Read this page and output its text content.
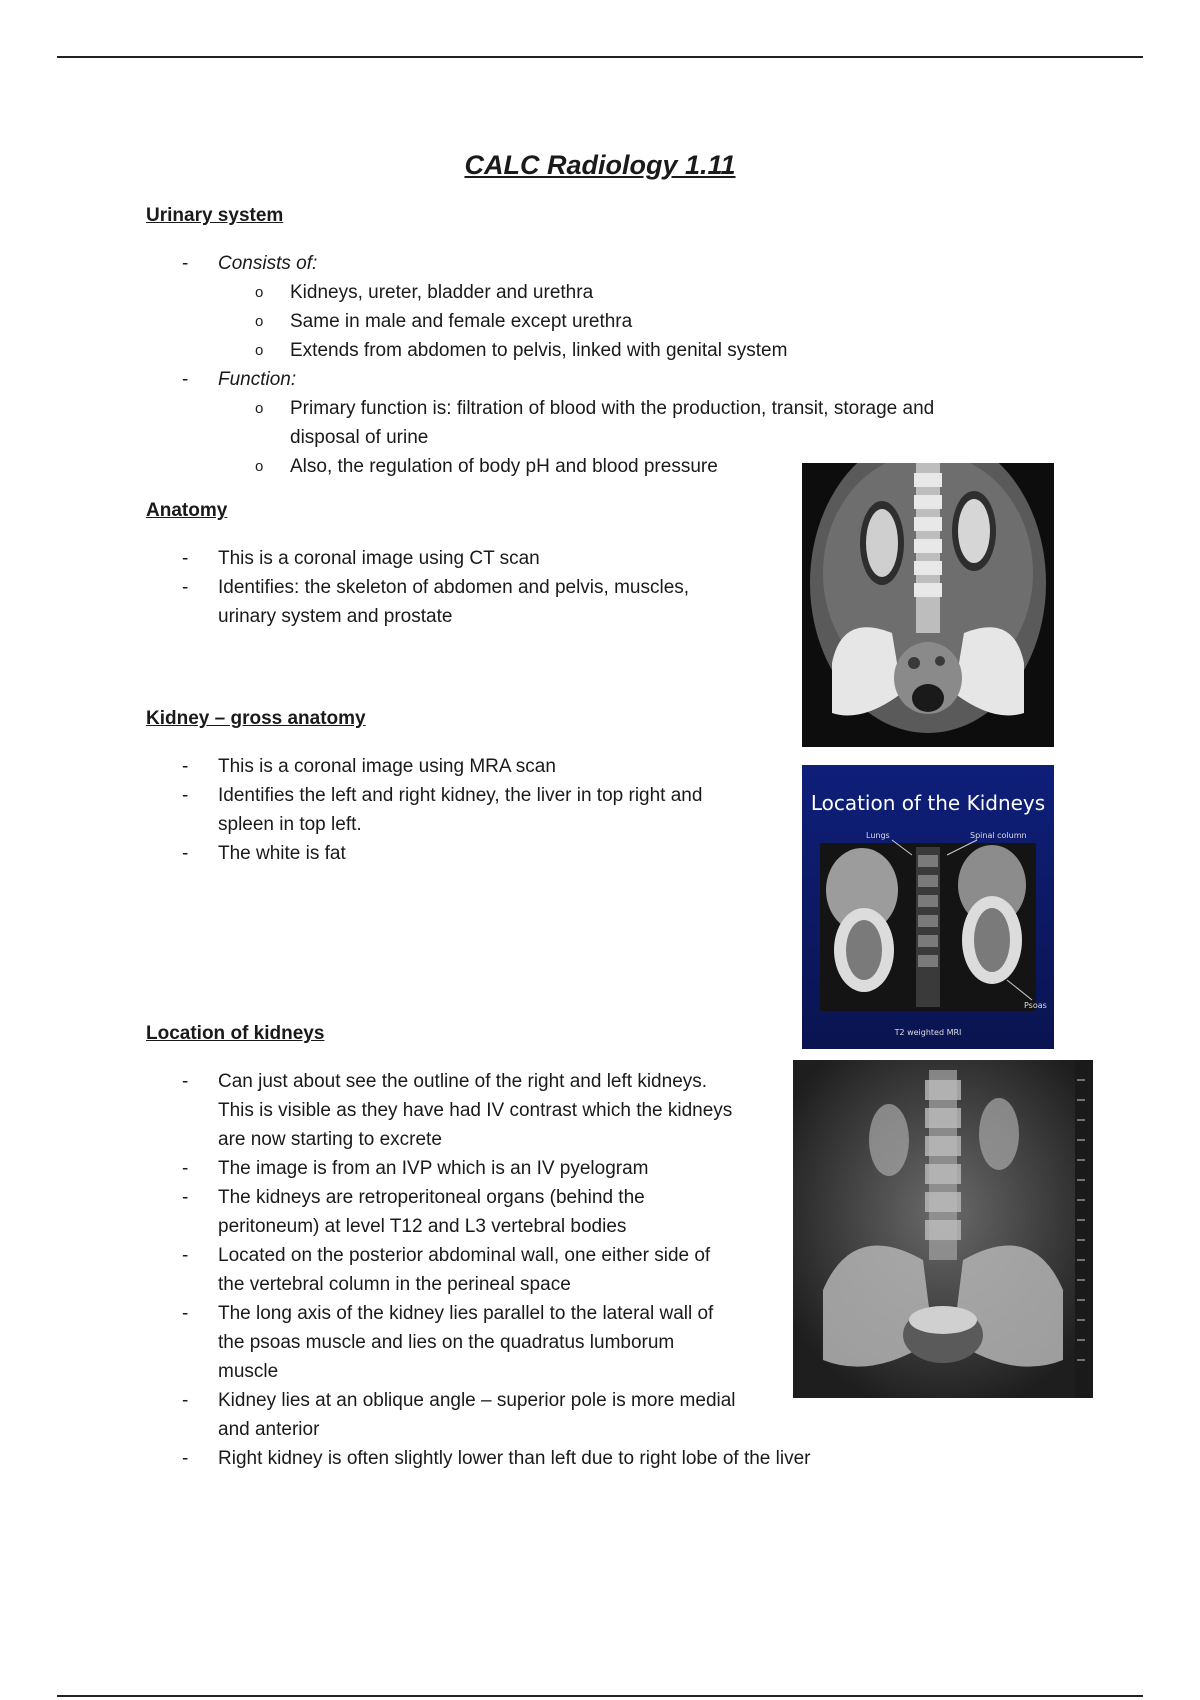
CALC Radiology 1.11
Urinary system
- Consists of:
o Kidneys, ureter, bladder and urethra
o Same in male and female except urethra
o Extends from abdomen to pelvis, linked with genital system
- Function:
o Primary function is: filtration of blood with the production, transit, storage and
disposal of urine
o Also, the regulation of body pH and blood pressure
Anatomy
- This is a coronal image using CT scan
- Identifies: the skeleton of abdomen and pelvis, muscles,
urinary system and prostate
Kidney – gross anatomy
- This is a coronal image using MRA scan
- Identifies the left and right kidney, the liver in top right and
spleen in top left.
- The white is fat
Location of kidneys
- Can just about see the outline of the right and left kidneys.
This is visible as they have had IV contrast which the kidneys
are now starting to excrete
- The image is from an IVP which is an IV pyelogram
- The kidneys are retroperitoneal organs (behind the
peritoneum) at level T12 and L3 vertebral bodies
- Located on the posterior abdominal wall, one either side of
the vertebral column in the perineal space
- The long axis of the kidney lies parallel to the lateral wall of
the psoas muscle and lies on the quadratus lumborum
muscle
- Kidney lies at an oblique angle – superior pole is more medial
and anterior
- Right kidney is often slightly lower than left due to right lobe of the liver
Location of the Kidneys
Lungs	Spinal column
Psoas
T2 weighted MRI
